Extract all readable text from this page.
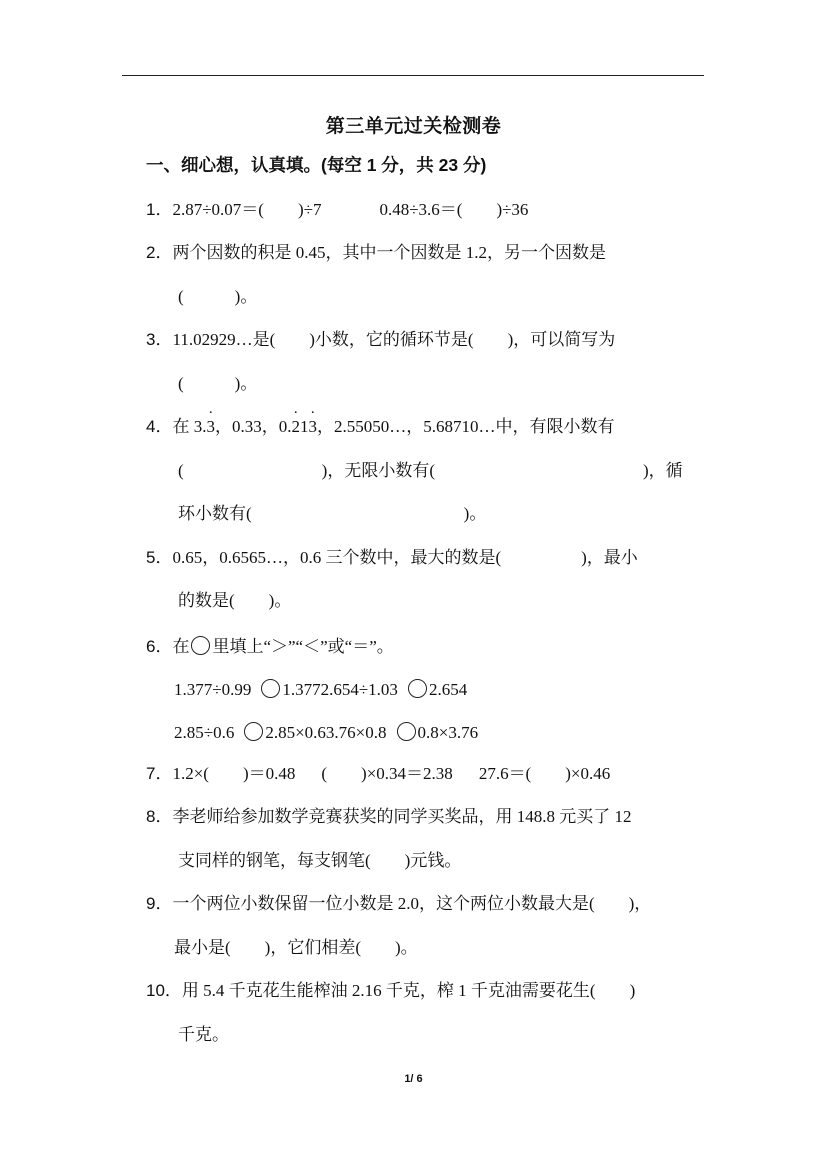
第三单元过关检测卷
一、细心想，认真填。(每空 1 分，共 23 分)
1．2.87÷0.07＝(　　)÷7	0.48÷3.6＝(　　)÷36
2．两个因数的积是 0.45，其中一个因数是 1.2，另一个因数是
(　　　)。
3．11.02929…是(　　)小数，它的循环节是(　　)，可以简写为
(　　　)。
4．在 3.3 ·，0.33，0.2 ·13 ·，2.55050…，5.68710…中，有限小数有
(	)，无限小数有(	)，循
环小数有(	)。
5．0.65，0.6565…，0.6 三个数中，最大的数是(	)，最小
的数是(　　)。
6．在 里填上“＞”“＜”或“＝”。
1.377÷0.99 1.3772.654÷1.03 2.654
2.85÷0.6 2.85×0.63.76×0.8 0.8×3.76
7．1.2×(　　)＝0.48 (　　)×0.34＝2.38 27.6＝(　　)×0.46
8．李老师给参加数学竞赛获奖的同学买奖品，用 148.8 元买了 12
支同样的钢笔，每支钢笔(　　)元钱。
9．一个两位小数保留一位小数是 2.0，这个两位小数最大是(　　)，
最小是(　　)，它们相差(　　)。
10．用 5.4 千克花生能榨油 2.16 千克，榨 1 千克油需要花生(　　)
千克。
1/ 6
